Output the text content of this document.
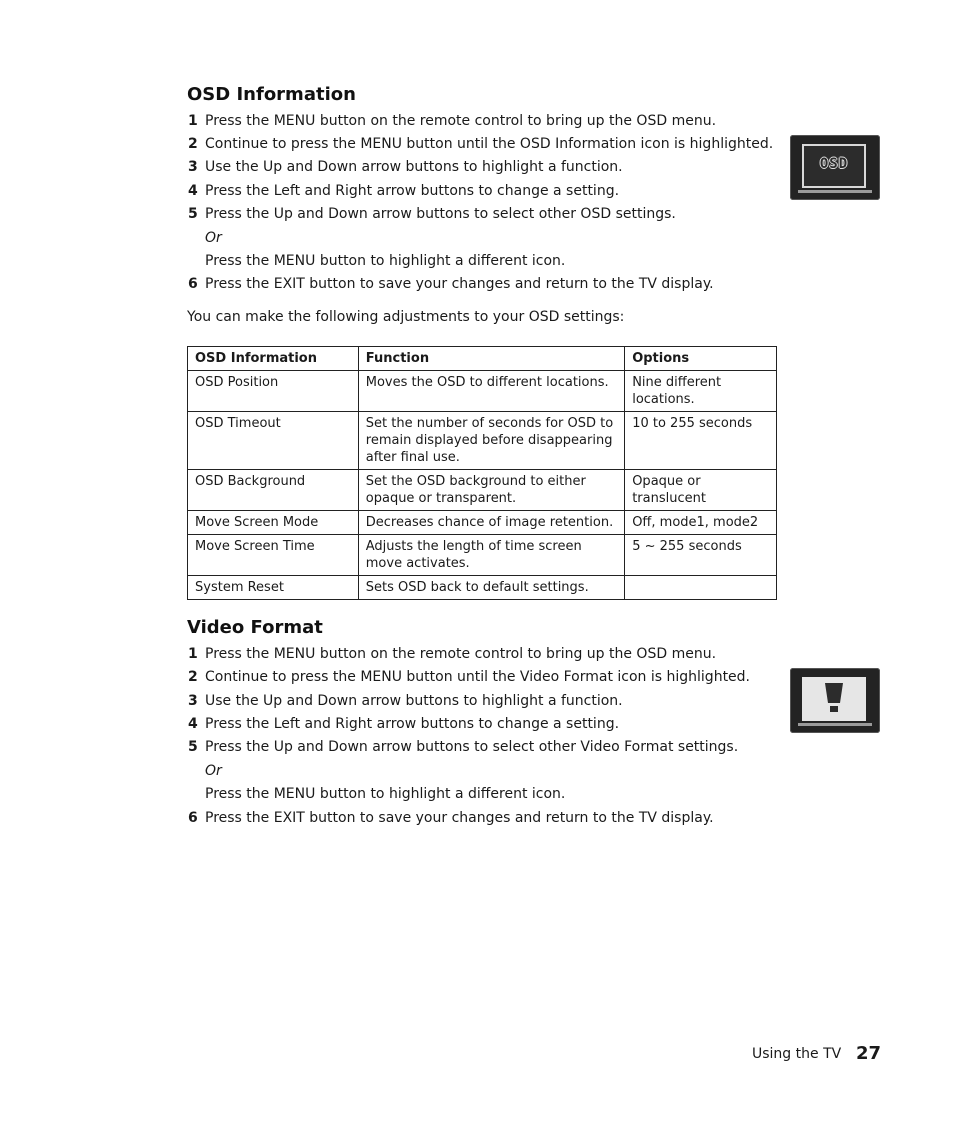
OSD Information
1 Press the MENU button on the remote control to bring up the OSD menu.
2 Continue to press the MENU button until the OSD Information icon is highlighted.
3 Use the Up and Down arrow buttons to highlight a function.
4 Press the Left and Right arrow buttons to change a setting.
5 Press the Up and Down arrow buttons to select other OSD settings.
Or
Press the MENU button to highlight a different icon.
6 Press the EXIT button to save your changes and return to the TV display.
OSD
You can make the following adjustments to your OSD settings:
OSD Information	Function	Options
OSD Position	Moves the OSD to different locations.	Nine different locations.
OSD Timeout	Set the number of seconds for OSD to remain displayed before disappearing after final use.	10 to 255 seconds
OSD Background	Set the OSD background to either opaque or transparent.	Opaque or translucent
Move Screen Mode	Decreases chance of image retention.	Off, mode1, mode2
Move Screen Time	Adjusts the length of time screen move activates.	5 ~ 255 seconds
System Reset	Sets OSD back to default settings.	
Video Format
1 Press the MENU button on the remote control to bring up the OSD menu.
2 Continue to press the MENU button until the Video Format icon is highlighted.
3 Use the Up and Down arrow buttons to highlight a function.
4 Press the Left and Right arrow buttons to change a setting.
5 Press the Up and Down arrow buttons to select other Video Format settings.
Or
Press the MENU button to highlight a different icon.
6 Press the EXIT button to save your changes and return to the TV display.
Using the TV 27
